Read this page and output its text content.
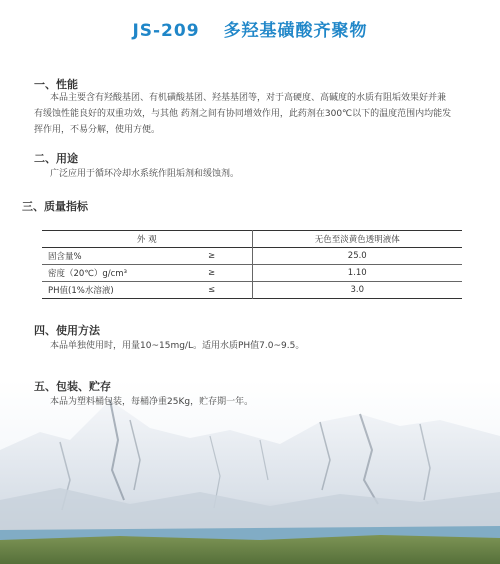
JS-209 多羟基磺酸齐聚物
一、性能
本品主要含有羟酸基团、有机磺酸基团、羟基基团等，对于高硬度、高碱度的水质有阻垢效果好并兼
有缓蚀性能良好的双重功效，与其他 药剂之间有协同增效作用，此药剂在300℃以下的温度范围内均能发
挥作用，不易分解，使用方便。
二、用途
广泛应用于循环冷却水系统作阻垢剂和缓蚀剂。
三、质量指标
外 观		无色至淡黄色透明液体
固含量%	≥	25.0
密度（20℃）g/cm³	≥	1.10
PH值(1%水溶液)	≤	3.0
四、使用方法
本品单独使用时，用量10~15mg/L。适用水质PH值7.0~9.5。
五、包装、贮存
本品为塑料桶包装，每桶净重25Kg，贮存期一年。
